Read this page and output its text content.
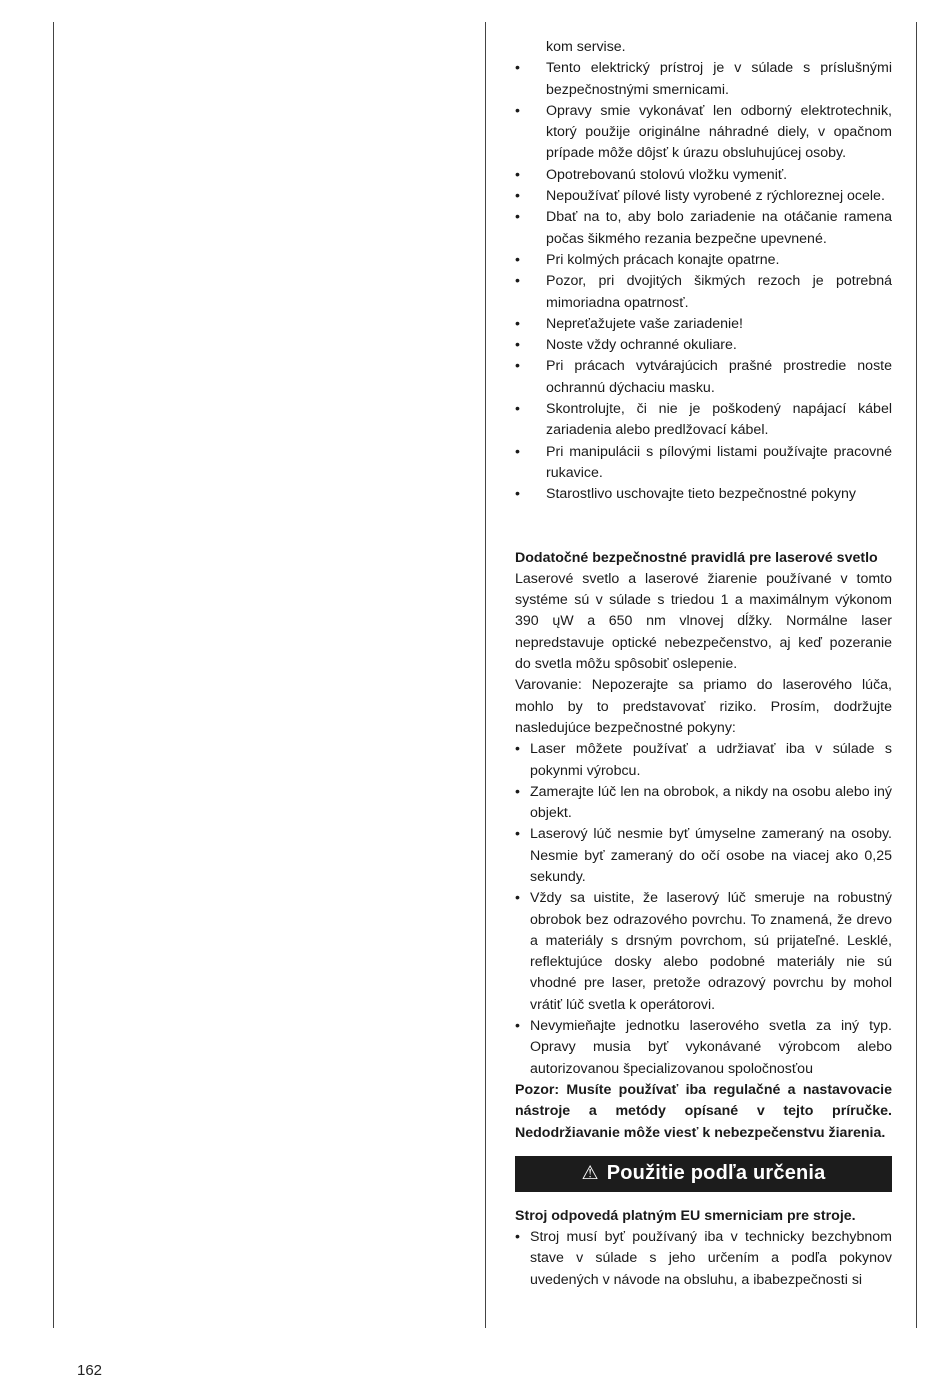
kom servise.
• Tento elektrický prístroj je v súlade s príslušnými bezpečnostnými smernicami.
• Opravy smie vykonávať len odborný elektrotechnik, ktorý použije originálne náhradné diely, v opačnom prípade môže dôjsť k úrazu obsluhujúcej osoby.
• Opotrebovanú stolovú vložku vymeniť.
• Nepoužívať pílové listy vyrobené z rýchloreznej ocele.
• Dbať na to, aby bolo zariadenie na otáčanie ramena počas šikmého rezania bezpečne upevnené.
• Pri kolmých prácach konajte opatrne.
• Pozor, pri dvojitých šikmých rezoch je potrebná mimoriadna opatrnosť.
• Nepreťažujete vaše zariadenie!
• Noste vždy ochranné okuliare.
• Pri prácach vytvárajúcich prašné prostredie noste ochrannú dýchaciu masku.
• Skontrolujte, či nie je poškodený napájací kábel zariadenia alebo predlžovací kábel.
• Pri manipulácii s pílovými listami používajte pracovné rukavice.
• Starostlivo uschovajte tieto bezpečnostné pokyny

Dodatočné bezpečnostné pravidlá pre laserové svetlo

Laserové svetlo a laserové žiarenie používané v tomto systéme sú v súlade s triedou 1 a maximálnym výkonom 390 ųW a 650 nm vlnovej dĺžky. Normálne laser nepredstavuje optické nebezpečenstvo, aj keď pozeranie do svetla môžu spôsobiť oslepenie.

Varovanie: Nepozerajte sa priamo do laserového lúča, mohlo by to predstavovať riziko. Prosím, dodržujte nasledujúce bezpečnostné pokyny:

• Laser môžete používať a udržiavať iba v súlade s pokynmi výrobcu.
• Zamerajte lúč len na obrobok, a nikdy na osobu alebo iný objekt.
• Laserový lúč nesmie byť úmyselne zameraný na osoby. Nesmie byť zameraný do očí osobe na viacej ako 0,25 sekundy.
• Vždy sa uistite, že laserový lúč smeruje na robustný obrobok bez odrazového povrchu. To znamená, že drevo a materiály s drsným povrchom, sú prijateľné. Lesklé, reflektujúce dosky alebo podobné materiály nie sú vhodné pre laser, pretože odrazový povrchu by mohol vrátiť lúč svetla k operátorovi.
• Nevymieňajte jednotku laserového svetla za iný typ. Opravy musia byť vykonávané výrobcom alebo autorizovanou špecializovanou spoločnosťou

Pozor: Musíte používať iba regulačné a nastavovacie nástroje a metódy opísané v tejto príručke. Nedodržiavanie môže viesť k nebezpečenstvu žiarenia.

⚠ Použitie podľa určenia

Stroj odpovedá platným EU smerniciam pre stroje.

• Stroj musí byť používaný iba v technicky bezchybnom stave v súlade s jeho určením a podľa pokynov uvedených v návode na obsluhu, a ibabezpečnosti si
162
